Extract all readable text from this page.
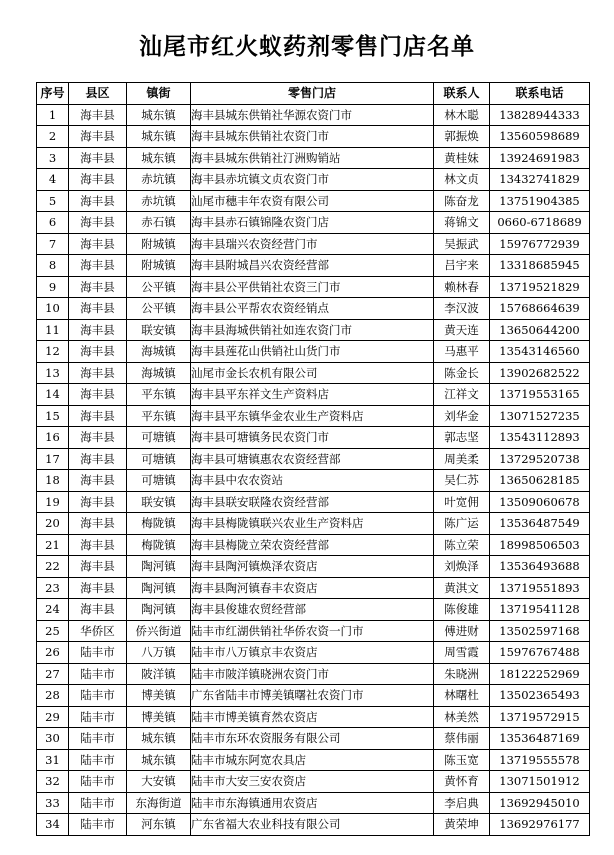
汕尾市红火蚁药剂零售门店名单
序号	县区	镇街	零售门店	联系人	联系电话
1	海丰县	城东镇	海丰县城东供销社华源农资门市	林木聪	13828944333
2	海丰县	城东镇	海丰县城东供销社农资门市	郭振焕	13560598689
3	海丰县	城东镇	海丰县城东供销社汀洲购销站	黄桂妹	13924691983
4	海丰县	赤坑镇	海丰县赤坑镇文贞农资门市	林文贞	13432741829
5	海丰县	赤坑镇	汕尾市穗丰年农资有限公司	陈奋龙	13751904385
6	海丰县	赤石镇	海丰县赤石镇锦隆农资门店	蒋锦文	0660-6718689
7	海丰县	附城镇	海丰县瑞兴农资经营门市	吴振武	15976772939
8	海丰县	附城镇	海丰县附城昌兴农资经营部	吕宇来	13318685945
9	海丰县	公平镇	海丰县公平供销社农资三门市	赖林春	13719521829
10	海丰县	公平镇	海丰县公平帮农农资经销点	李汉波	15768664639
11	海丰县	联安镇	海丰县海城供销社如连农资门市	黄天连	13650644200
12	海丰县	海城镇	海丰县莲花山供销社山货门市	马惠平	13543146560
13	海丰县	海城镇	汕尾市金长农机有限公司	陈金长	13902682522
14	海丰县	平东镇	海丰县平东祥文生产资料店	江祥文	13719553165
15	海丰县	平东镇	海丰县平东镇华金农业生产资料店	刘华金	13071527235
16	海丰县	可塘镇	海丰县可塘镇务民农资门市	郭志坚	13543112893
17	海丰县	可塘镇	海丰县可塘镇惠农农资经营部	周美柔	13729520738
18	海丰县	可塘镇	海丰县中农农资站	吴仁苏	13650628185
19	海丰县	联安镇	海丰县联安联隆农资经营部	叶宽佣	13509060678
20	海丰县	梅陇镇	海丰县梅陇镇联兴农业生产资料店	陈广运	13536487549
21	海丰县	梅陇镇	海丰县梅陇立荣农资经营部	陈立荣	18998506503
22	海丰县	陶河镇	海丰县陶河镇焕泽农资店	刘焕泽	13536493688
23	海丰县	陶河镇	海丰县陶河镇春丰农资店	黄淇文	13719551893
24	海丰县	陶河镇	海丰县俊雄农贸经营部	陈俊雄	13719541128
25	华侨区	侨兴街道	陆丰市红湖供销社华侨农资一门市	傅进财	13502597168
26	陆丰市	八万镇	陆丰市八万镇京丰农资店	周雪霞	15976767488
27	陆丰市	陂洋镇	陆丰市陂洋镇晓洲农资门市	朱晓洲	18122252969
28	陆丰市	博美镇	广东省陆丰市博美镇曙社农资门市	林曙杜	13502365493
29	陆丰市	博美镇	陆丰市博美镇育然农资店	林美然	13719572915
30	陆丰市	城东镇	陆丰市东环农资服务有限公司	蔡伟丽	13536487169
31	陆丰市	城东镇	陆丰市城东阿宽农具店	陈玉宽	13719555578
32	陆丰市	大安镇	陆丰市大安三安农资店	黄怀育	13071501912
33	陆丰市	东海街道	陆丰市东海镇通用农资店	李启典	13692945010
34	陆丰市	河东镇	广东省福大农业科技有限公司	黄荣坤	13692976177
